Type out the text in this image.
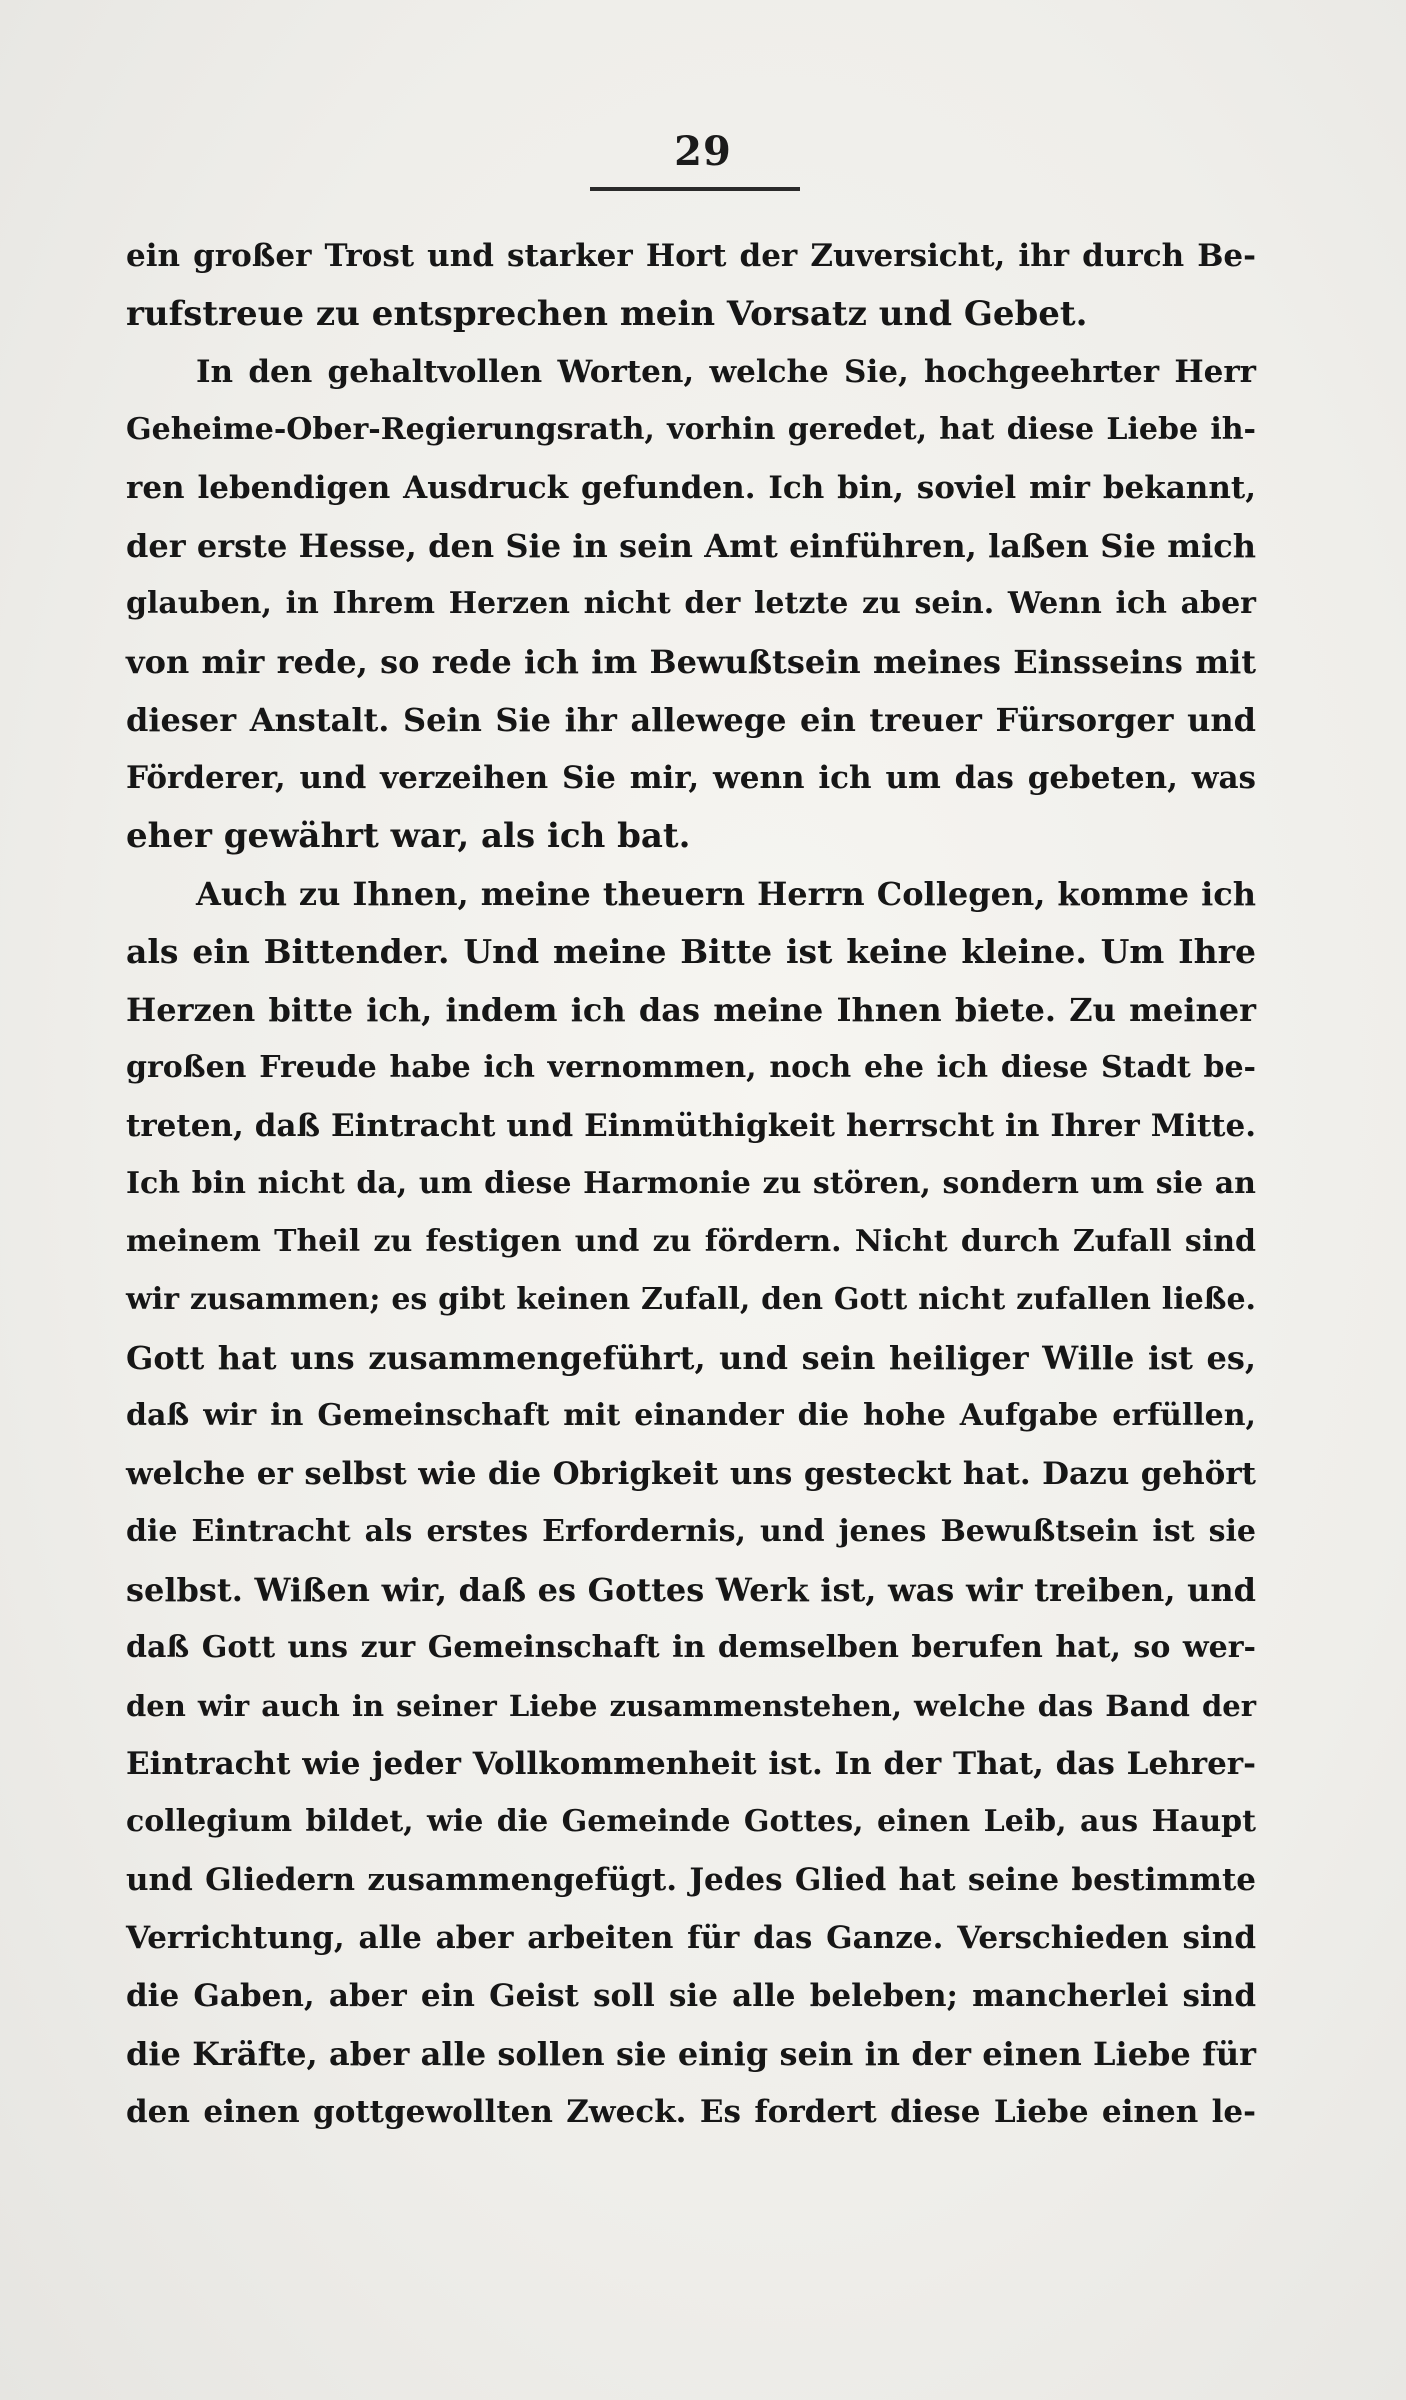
29
ein großer Trost und starker Hort der Zuversicht, ihr durch Be-
rufstreue zu entsprechen mein Vorsatz und Gebet.
In den gehaltvollen Worten, welche Sie, hochgeehrter Herr
Geheime-Ober-Regierungsrath, vorhin geredet, hat diese Liebe ih-
ren lebendigen Ausdruck gefunden. Ich bin, soviel mir bekannt,
der erste Hesse, den Sie in sein Amt einführen, laßen Sie mich
glauben, in Ihrem Herzen nicht der letzte zu sein. Wenn ich aber
von mir rede, so rede ich im Bewußtsein meines Einsseins mit
dieser Anstalt. Sein Sie ihr allewege ein treuer Fürsorger und
Förderer, und verzeihen Sie mir, wenn ich um das gebeten, was
eher gewährt war, als ich bat.
Auch zu Ihnen, meine theuern Herrn Collegen, komme ich
als ein Bittender. Und meine Bitte ist keine kleine. Um Ihre
Herzen bitte ich, indem ich das meine Ihnen biete. Zu meiner
großen Freude habe ich vernommen, noch ehe ich diese Stadt be-
treten, daß Eintracht und Einmüthigkeit herrscht in Ihrer Mitte.
Ich bin nicht da, um diese Harmonie zu stören, sondern um sie an
meinem Theil zu festigen und zu fördern. Nicht durch Zufall sind
wir zusammen; es gibt keinen Zufall, den Gott nicht zufallen ließe.
Gott hat uns zusammengeführt, und sein heiliger Wille ist es,
daß wir in Gemeinschaft mit einander die hohe Aufgabe erfüllen,
welche er selbst wie die Obrigkeit uns gesteckt hat. Dazu gehört
die Eintracht als erstes Erfordernis, und jenes Bewußtsein ist sie
selbst. Wißen wir, daß es Gottes Werk ist, was wir treiben, und
daß Gott uns zur Gemeinschaft in demselben berufen hat, so wer-
den wir auch in seiner Liebe zusammenstehen, welche das Band der
Eintracht wie jeder Vollkommenheit ist. In der That, das Lehrer-
collegium bildet, wie die Gemeinde Gottes, einen Leib, aus Haupt
und Gliedern zusammengefügt. Jedes Glied hat seine bestimmte
Verrichtung, alle aber arbeiten für das Ganze. Verschieden sind
die Gaben, aber ein Geist soll sie alle beleben; mancherlei sind
die Kräfte, aber alle sollen sie einig sein in der einen Liebe für
den einen gottgewollten Zweck. Es fordert diese Liebe einen le-
